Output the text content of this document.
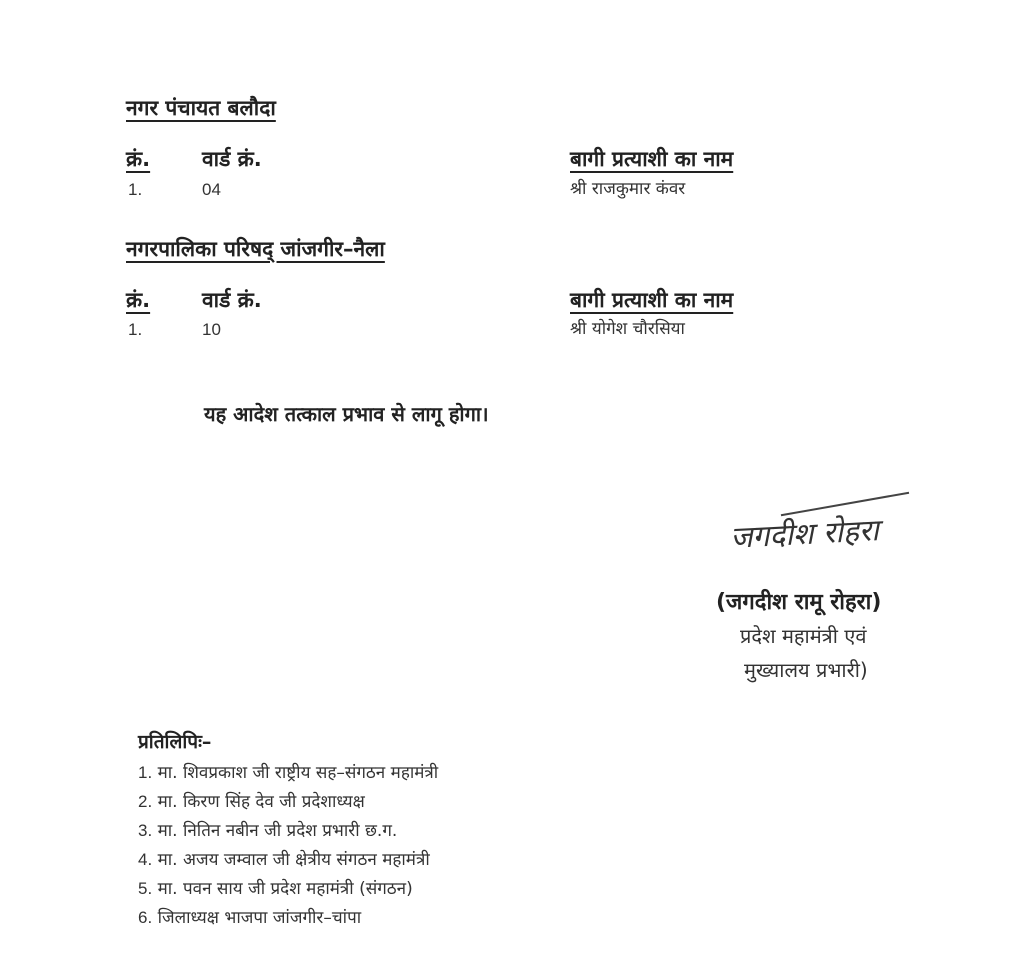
नगर पंचायत बलौदा
क्रं. वार्ड क्रं.	बागी प्रत्याशी का नाम
1.	04	श्री राजकुमार कंवर
नगरपालिका परिषद् जांजगीर–नैला
क्रं. वार्ड क्रं.	बागी प्रत्याशी का नाम
1.	10	श्री योगेश चौरसिया
यह आदेश तत्काल प्रभाव से लागू होगा।
जगदीश रोहरा
(जगदीश रामू रोहरा)
प्रदेश महामंत्री एवं
मुख्यालय प्रभारी)
प्रतिलिपिः–
1. मा. शिवप्रकाश जी राष्ट्रीय सह–संगठन महामंत्री
2. मा. किरण सिंह देव जी प्रदेशाध्यक्ष
3. मा. नितिन नबीन जी प्रदेश प्रभारी छ.ग.
4. मा. अजय जम्वाल जी क्षेत्रीय संगठन महामंत्री
5. मा. पवन साय जी प्रदेश महामंत्री (संगठन)
6. जिलाध्यक्ष भाजपा जांजगीर–चांपा
